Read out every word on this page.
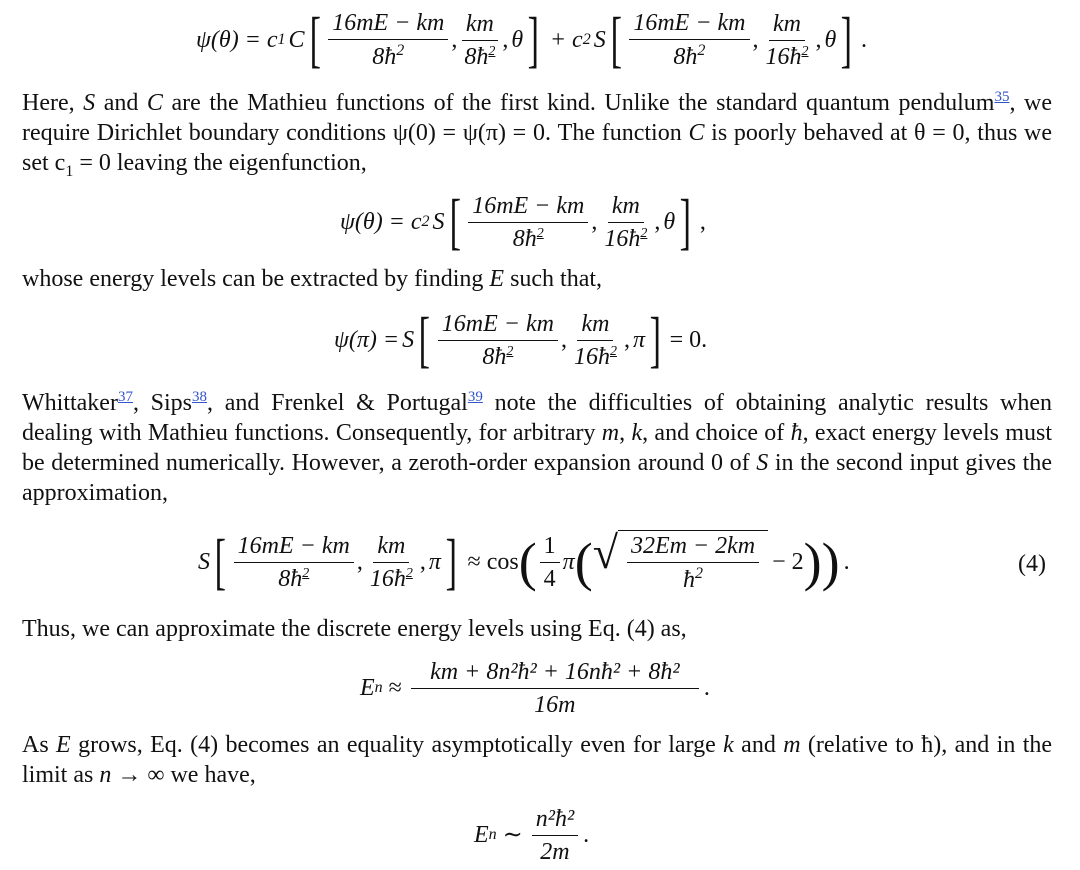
ψ(θ) = c 1 C [ $\frac{16mE - km}{8ħ^2}$ , $\frac{km}{8ħ^2}$ , θ ] + c 2 S [ $\frac{16mE - km}{8ħ^2}$ , $\frac{km}{16ħ^2}$ , θ ] .

Here, S and C are the Mathieu functions of the first kind. Unlike the standard quantum pendulum$^{35}$, we require Dirichlet boundary conditions ψ(0) = ψ(π) = 0. The function C is poorly behaved at θ = 0, thus we set $c_1 = 0$ leaving the eigenfunction,

ψ(θ) = c 2 S [ $\frac{16mE - km}{8ħ^2}$ , $\frac{km}{16ħ^2}$ , θ ] ,

whose energy levels can be extracted by finding E such that,

ψ(π) = S [ $\frac{16mE - km}{8ħ^2}$ , $\frac{km}{16ħ^2}$ , π ] = 0.

Whittaker$^{37}$, Sips$^{38}$, and Frenkel & Portugal$^{39}$ note the difficulties of obtaining analytic results when dealing with Mathieu functions. Consequently, for arbitrary m, k, and choice of ħ, exact energy levels must be determined numerically. However, a zeroth-order expansion around 0 of S in the second input gives the approximation,

S [ $\frac{16mE - km}{8ħ^2}$ , $\frac{km}{16ħ^2}$ , π ] ≈ cos ( $\frac{1}{4}$ π ( √ $\frac{32Em - 2km}{ħ^2} - 2$ ) ) .	(4)

Thus, we can approximate the discrete energy levels using Eq. (4) as,

E $n \approx \frac{\text{km + 8n²ħ² + 16nħ² + 8ħ²}}{16m}$ .

As E grows, Eq. (4) becomes an equality asymptotically even for large k and m (relative to ħ), and in the limit as n → ∞ we have,

E n ∼ $\frac{\text{n²ħ²}}{2m}$ .
